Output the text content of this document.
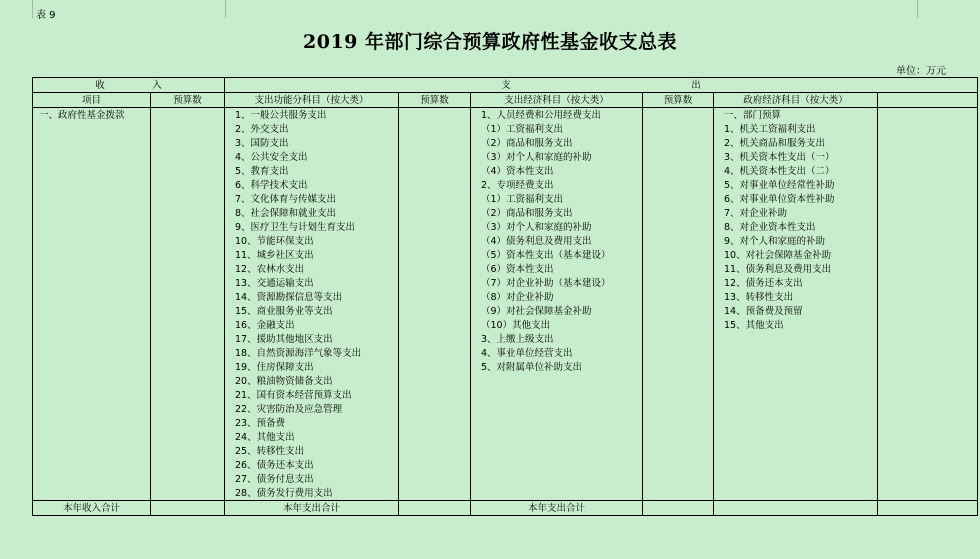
表 9
2019 年部门综合预算政府性基金收支总表
单位：万元
收　　　　　入		支　　　　　　　　　　　　　　　　　　　出					
项目	预算数	支出功能分科目（按大类）	预算数	支出经济科目（按大类）	预算数	政府经济科目（按大类）	
一、政府性基金拨款		1、一般公共服务支出		1、人员经费和公用经费支出		一、部门预算	
		2、外交支出		（1）工资福利支出		1、机关工资福利支出	
		3、国防支出		（2）商品和服务支出		2、机关商品和服务支出	
		4、公共安全支出		（3）对个人和家庭的补助		3、机关资本性支出（一）	
		5、教育支出		（4）资本性支出		4、机关资本性支出（二）	
		6、科学技术支出		2、专项经费支出		5、对事业单位经常性补助	
		7、文化体育与传媒支出		（1）工资福利支出		6、对事业单位资本性补助	
		8、社会保障和就业支出		（2）商品和服务支出		7、对企业补助	
		9、医疗卫生与计划生育支出		（3）对个人和家庭的补助		8、对企业资本性支出	
		10、节能环保支出		（4）债务利息及费用支出		9、对个人和家庭的补助	
		11、城乡社区支出		（5）资本性支出（基本建设）		10、对社会保障基金补助	
		12、农林水支出		（6）资本性支出		11、债务利息及费用支出	
		13、交通运输支出		（7）对企业补助（基本建设）		12、债务还本支出	
		14、资源勘探信息等支出		（8）对企业补助		13、转移性支出	
		15、商业服务业等支出		（9）对社会保障基金补助		14、预备费及预留	
		16、金融支出		（10）其他支出		15、其他支出	
		17、援助其他地区支出		3、上缴上级支出			
		18、自然资源海洋气象等支出		4、事业单位经营支出			
		19、住房保障支出		5、对附属单位补助支出			
		20、粮油物资储备支出					
		21、国有资本经营预算支出					
		22、灾害防治及应急管理					
		23、预备费					
		24、其他支出					
		25、转移性支出					
		26、债务还本支出					
		27、债务付息支出					
		28、债务发行费用支出					
本年收入合计		本年支出合计		本年支出合计			
